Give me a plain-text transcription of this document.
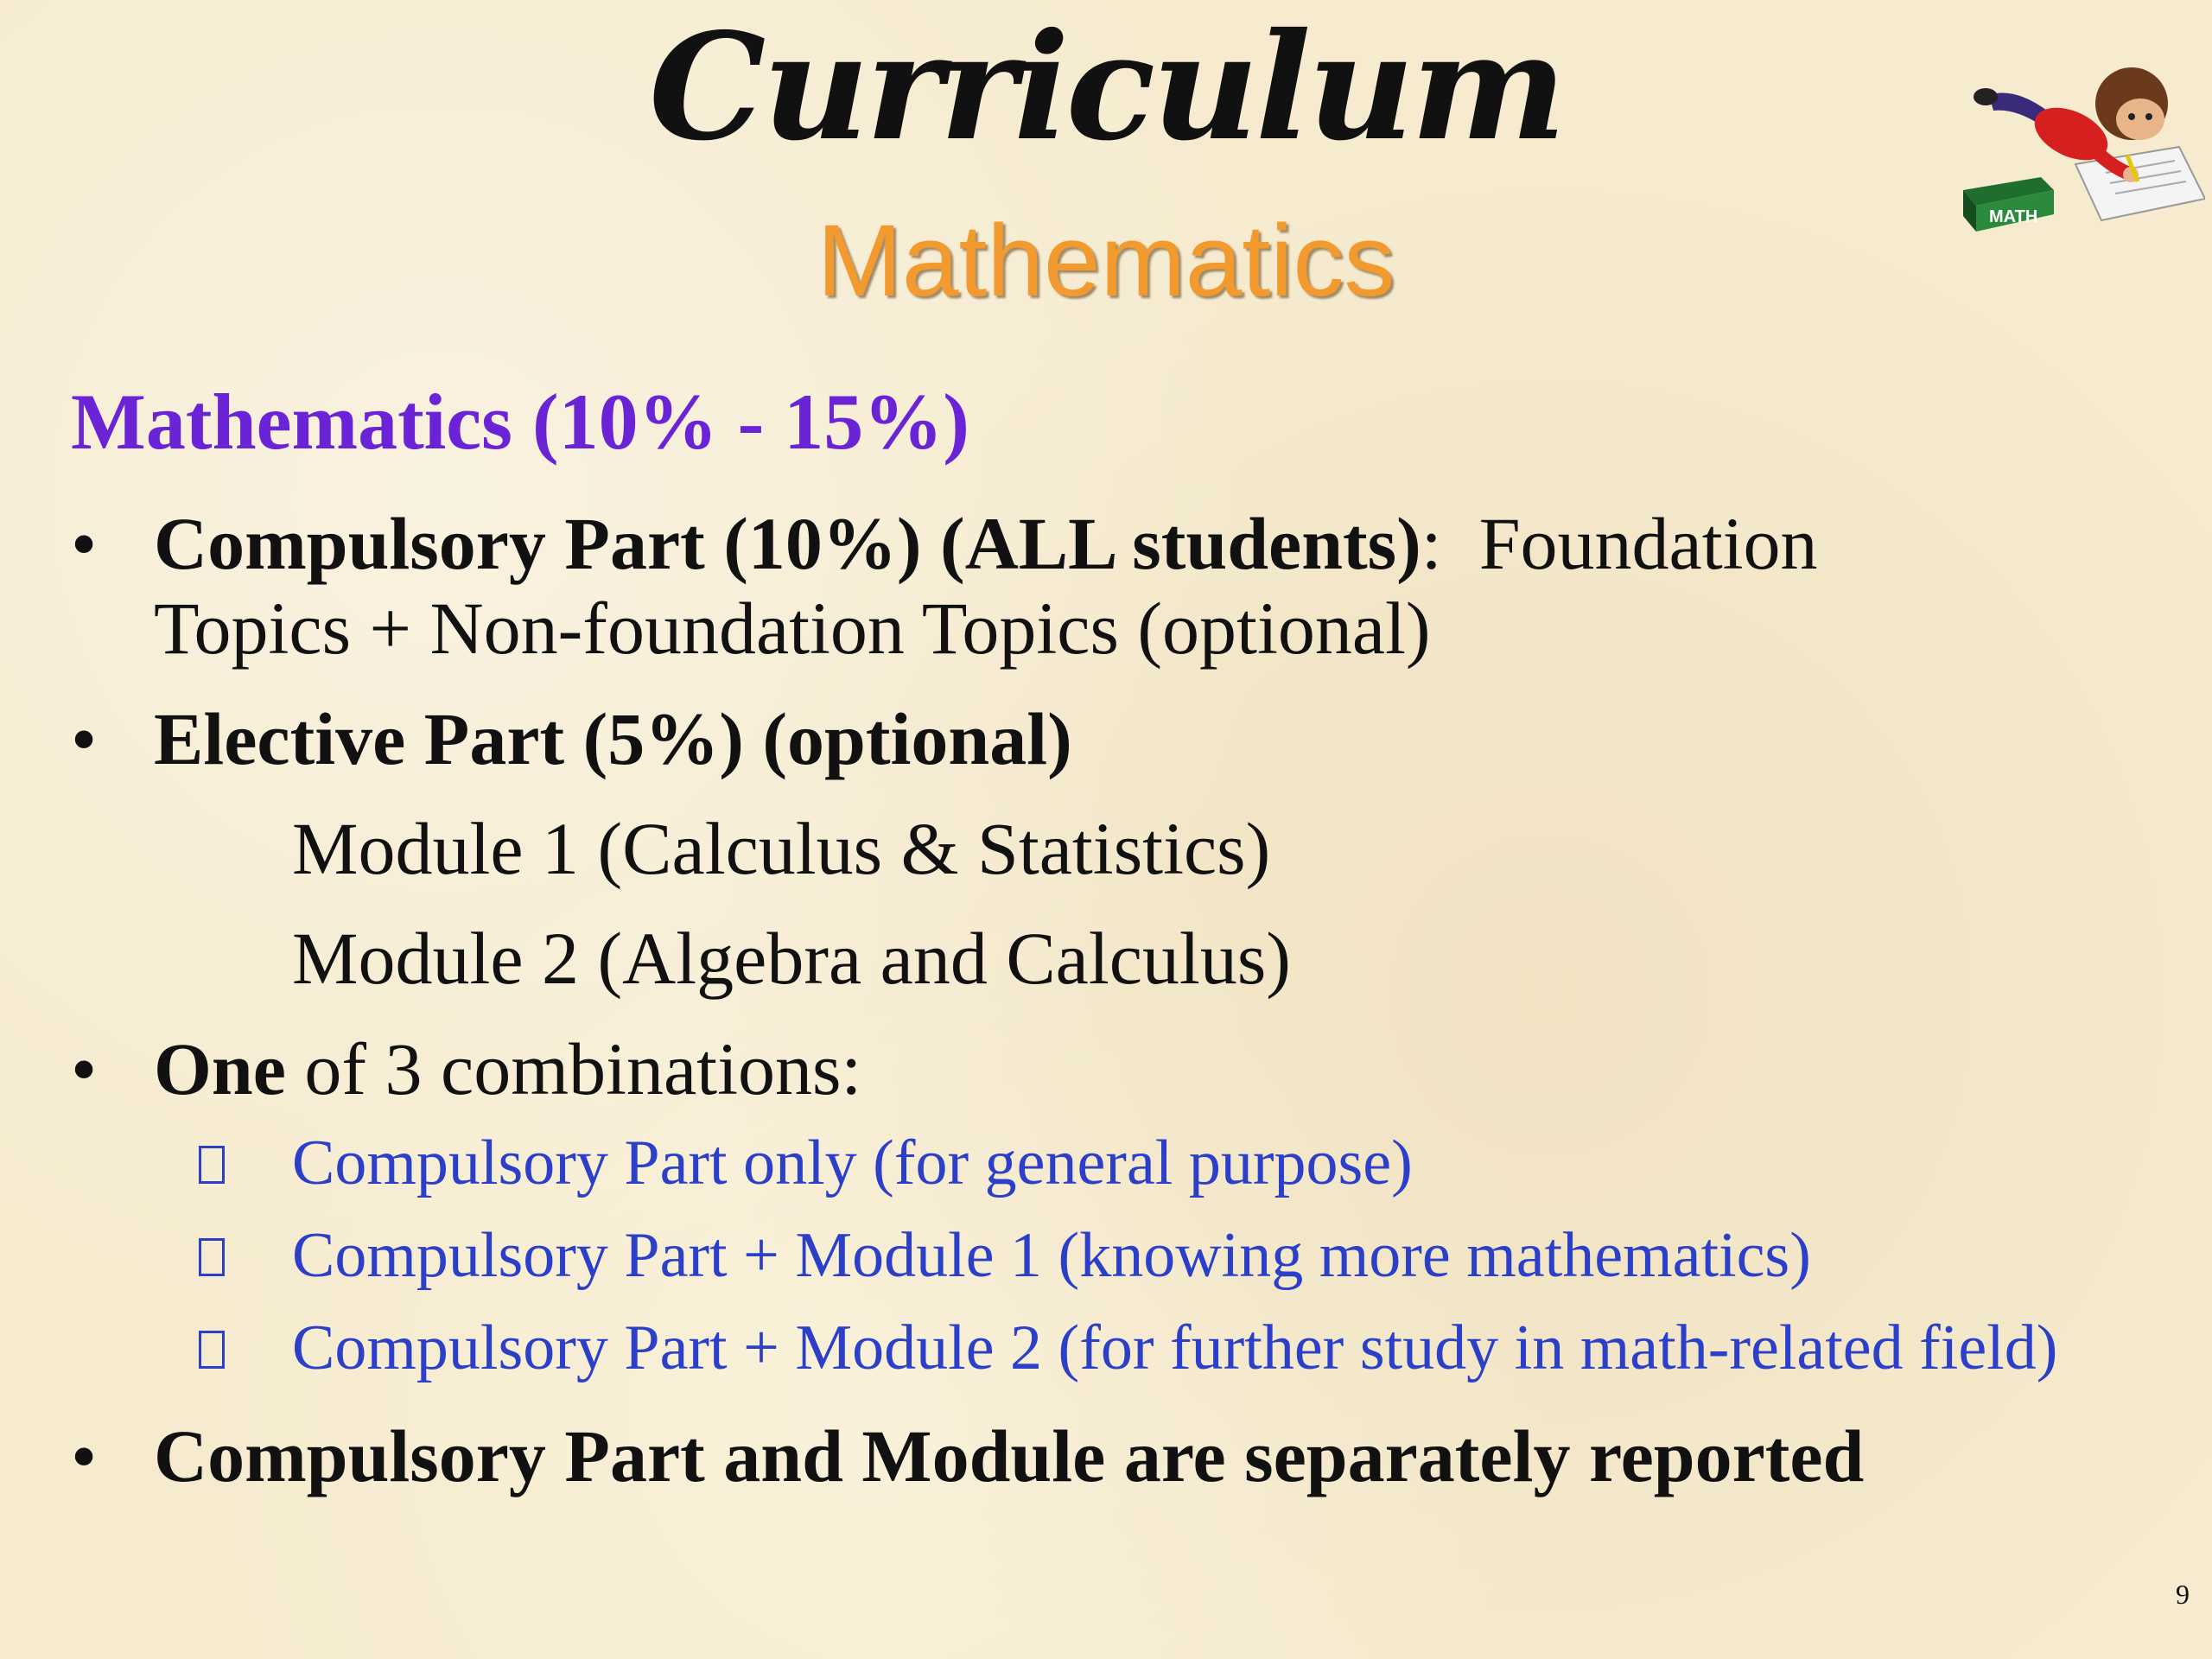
Curriculum
Mathematics	MATH
Mathematics (10% - 15%)
• Compulsory Part (10%) (ALL students):  Foundation
Topics + Non-foundation Topics (optional)
• Elective Part (5%) (optional)
Module 1 (Calculus & Statistics)
Module 2 (Algebra and Calculus)
• One of 3 combinations:
Compulsory Part only (for general purpose)
Compulsory Part + Module 1 (knowing more mathematics)
Compulsory Part + Module 2 (for further study in math-related field)
• Compulsory Part and Module are separately reported
9
